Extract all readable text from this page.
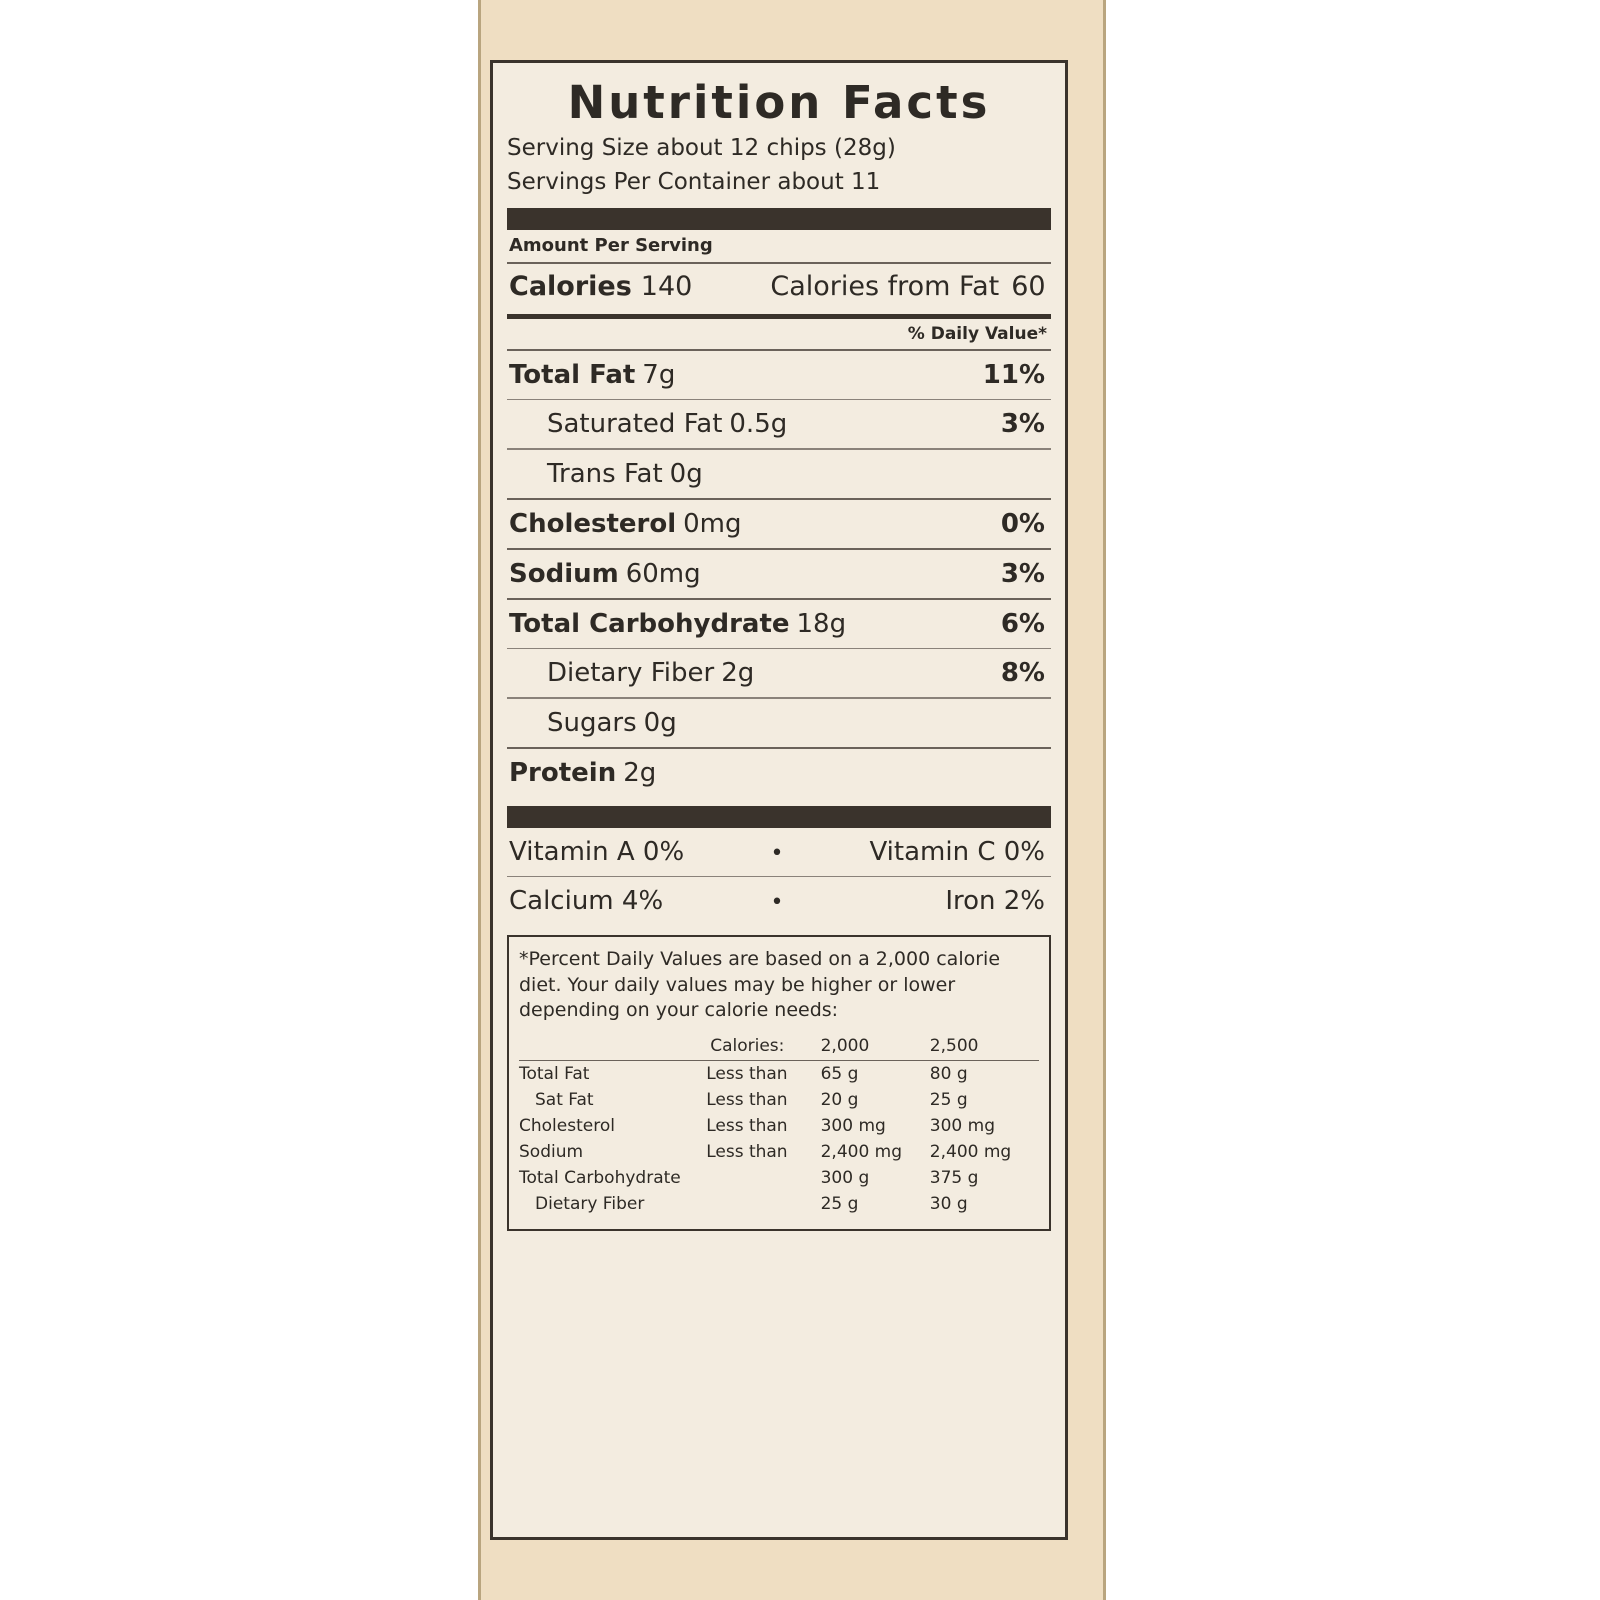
Nutrition Facts
Serving Size about 12 chips (28g)
Servings Per Container about 11
Amount Per Serving
Calories 140	Calories from Fat 60
% Daily Value*
Total Fat 7g	11%
Saturated Fat 0.5g	3%
Trans Fat 0g
Cholesterol 0mg	0%
Sodium 60mg	3%
Total Carbohydrate 18g	6%
Dietary Fiber 2g	8%
Sugars 0g
Protein 2g
Vitamin A 0%	•	Vitamin C 0%
Calcium 4%	•	Iron 2%
*Percent Daily Values are based on a 2,000 calorie diet. Your daily values may be higher or lower depending on your calorie needs:
	Calories:	2,000	2,500
Total Fat	Less than	65 g	80 g
Sat Fat	Less than	20 g	25 g
Cholesterol	Less than	300 mg	300 mg
Sodium	Less than	2,400 mg	2,400 mg
Total Carbohydrate		300 g	375 g
Dietary Fiber		25 g	30 g
